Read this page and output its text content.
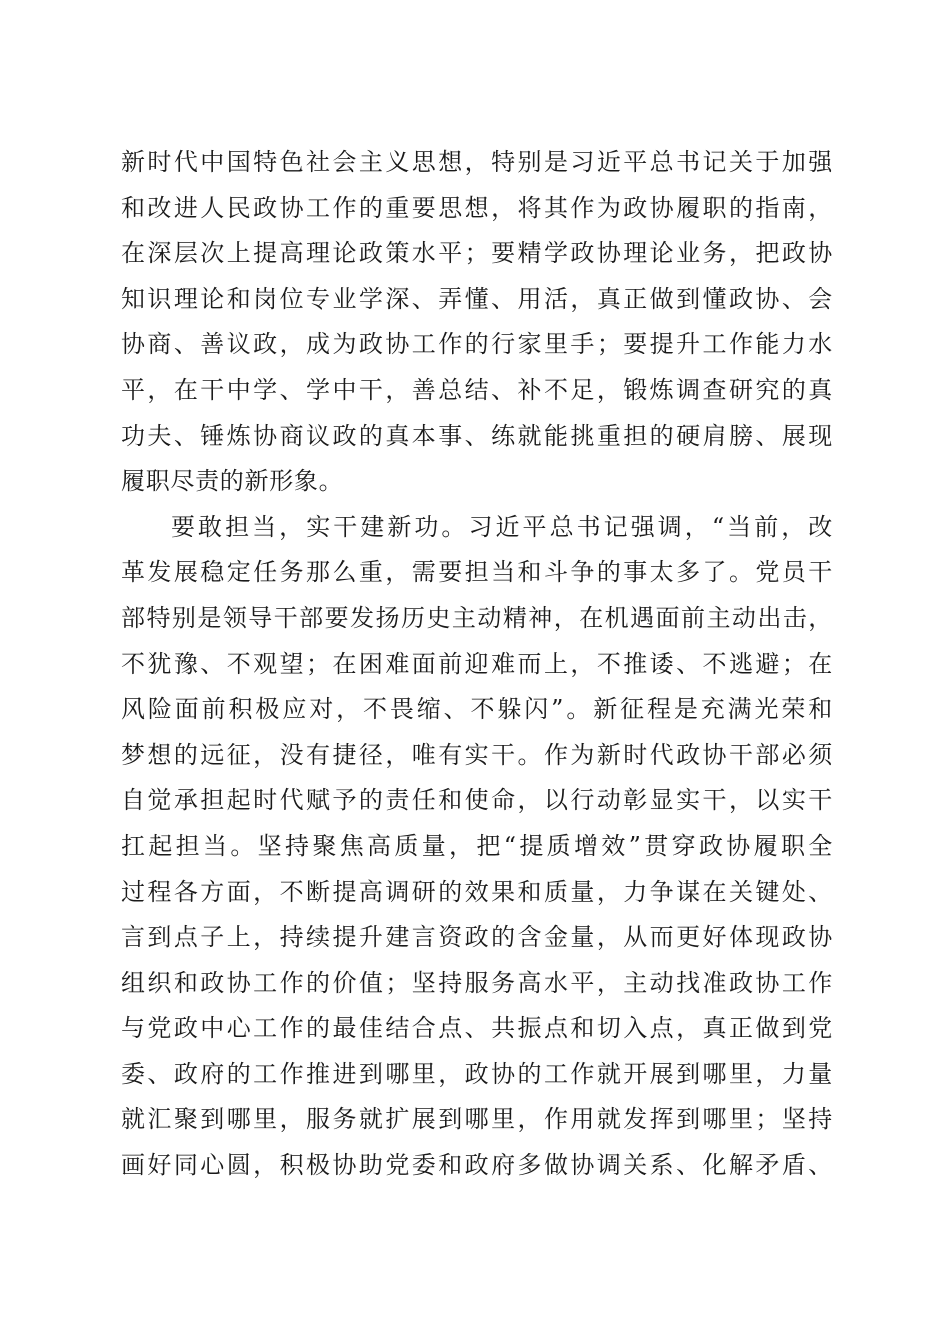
新时代中国特色社会主义思想，特别是习近平总书记关于加强
和改进人民政协工作的重要思想，将其作为政协履职的指南，
在深层次上提高理论政策水平；要精学政协理论业务，把政协
知识理论和岗位专业学深、弄懂、用活，真正做到懂政协、会
协商、善议政，成为政协工作的行家里手；要提升工作能力水
平，在干中学、学中干，善总结、补不足，锻炼调查研究的真
功夫、锤炼协商议政的真本事、练就能挑重担的硬肩膀、展现
履职尽责的新形象。
要敢担当，实干建新功。习近平总书记强调，“当前，改
革发展稳定任务那么重，需要担当和斗争的事太多了。党员干
部特别是领导干部要发扬历史主动精神，在机遇面前主动出击，
不犹豫、不观望；在困难面前迎难而上，不推诿、不逃避；在
风险面前积极应对，不畏缩、不躲闪”。新征程是充满光荣和
梦想的远征，没有捷径，唯有实干。作为新时代政协干部必须
自觉承担起时代赋予的责任和使命，以行动彰显实干，以实干
扛起担当。坚持聚焦高质量，把“提质增效”贯穿政协履职全
过程各方面，不断提高调研的效果和质量，力争谋在关键处、
言到点子上，持续提升建言资政的含金量，从而更好体现政协
组织和政协工作的价值；坚持服务高水平，主动找准政协工作
与党政中心工作的最佳结合点、共振点和切入点，真正做到党
委、政府的工作推进到哪里，政协的工作就开展到哪里，力量
就汇聚到哪里，服务就扩展到哪里，作用就发挥到哪里；坚持
画好同心圆，积极协助党委和政府多做协调关系、化解矛盾、
